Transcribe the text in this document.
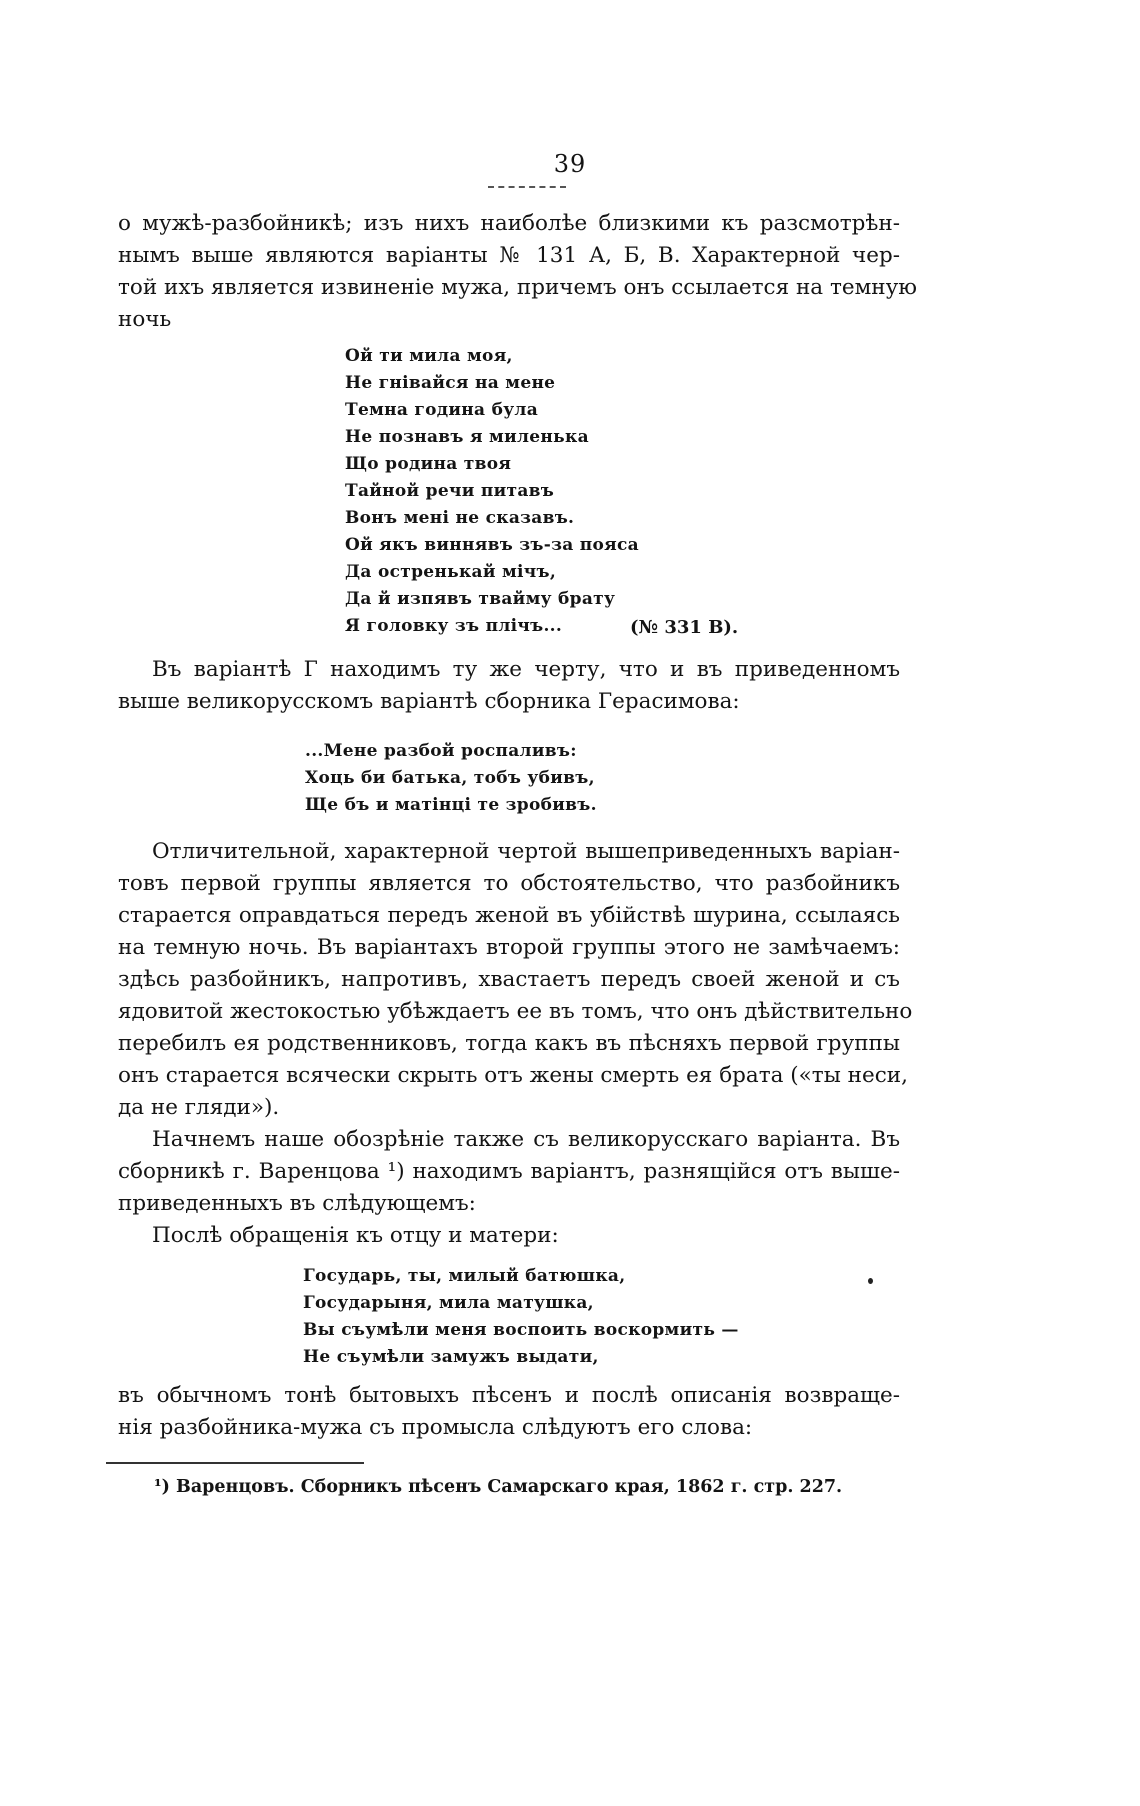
39
о мужѣ-разбойникѣ; изъ нихъ наиболѣе близкими къ разсмотрѣн-
нымъ выше являются варіанты № 131 А, Б, В. Характерной чер-
той ихъ является извиненіе мужа, причемъ онъ ссылается на темную
ночь
Ой ти мила моя,
Не гнівайся на мене
Темна година була
Не познавъ я миленька
Що родина твоя
Тайной речи питавъ
Вонъ мені не сказавъ.
Ой якъ виннявъ зъ-за пояса
Да остренькай мічъ,
Да й изпявъ твайму брату
Я головку зъ плічъ...	(№ 331 В).
Въ варіантѣ Г находимъ ту же черту, что и въ приведенномъ
выше великорусскомъ варіантѣ сборника Герасимова:
...Мене разбой роспаливъ:
Хоць би батька, тобъ убивъ,
Ще бъ и матінці те зробивъ.
Отличительной, характерной чертой вышеприведенныхъ варіан-
товъ первой группы является то обстоятельство, что разбойникъ
старается оправдаться передъ женой въ убійствѣ шурина, ссылаясь
на темную ночь. Въ варіантахъ второй группы этого не замѣчаемъ:
здѣсь разбойникъ, напротивъ, хвастаетъ передъ своей женой и съ
ядовитой жестокостью убѣждаетъ ее въ томъ, что онъ дѣйствительно
перебилъ ея родственниковъ, тогда какъ въ пѣсняхъ первой группы
онъ старается всячески скрыть отъ жены смерть ея брата («ты неси,
да не гляди»).
Начнемъ наше обозрѣніе также съ великорусскаго варіанта. Въ
сборникѣ г. Варенцова ¹) находимъ варіантъ, разнящійся отъ выше-
приведенныхъ въ слѣдующемъ:
Послѣ обращенія къ отцу и матери:
Государь, ты, милый батюшка,
Государыня, мила матушка,
Вы съумѣли меня воспоить воскормить —
Не съумѣли замужъ выдати,
въ обычномъ тонѣ бытовыхъ пѣсенъ и послѣ описанія возвраще-
нія разбойника-мужа съ промысла слѣдуютъ его слова:
¹) Варенцовъ. Сборникъ пѣсенъ Самарскаго края, 1862 г. стр. 227.
